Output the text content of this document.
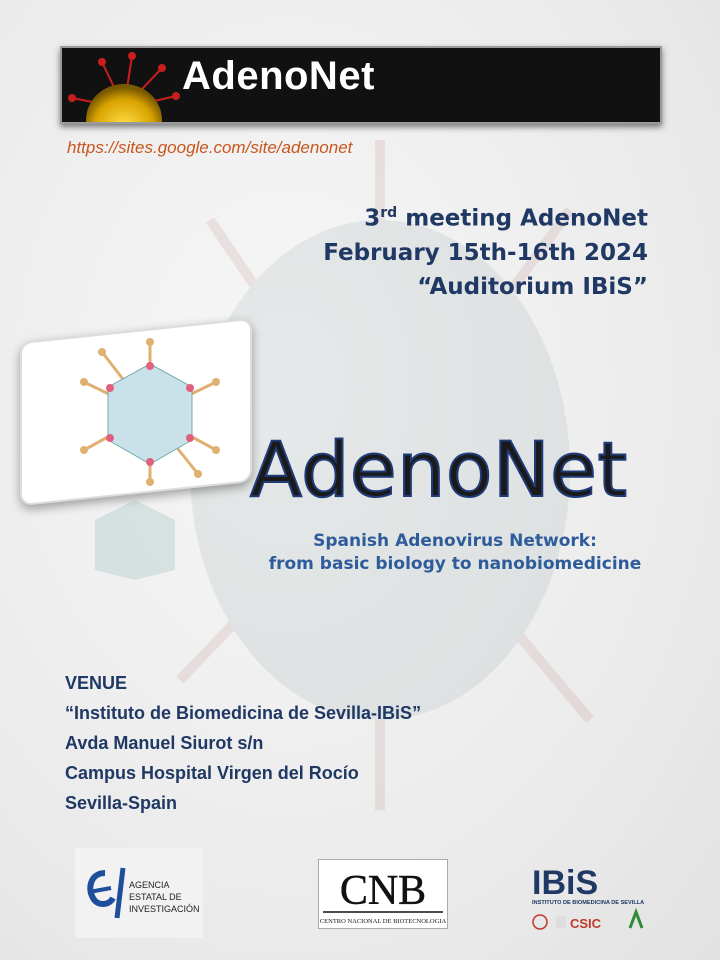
AdenoNet
https://sites.google.com/site/adenonet
3rd meeting AdenoNet
February 15th-16th 2024
“Auditorium IBiS”
AdenoNet
Spanish Adenovirus Network:
from basic biology to nanobiomedicine
VENUE
“Instituto de Biomedicina de Sevilla-IBiS”
Avda Manuel Siurot s/n
Campus Hospital Virgen del Rocío
Sevilla-Spain
AGENCIA
ESTATAL DE
INVESTIGACIÓN	CNB
CENTRO NACIONAL DE BIOTECNOLOGIA
IBiS
INSTITUTO DE BIOMEDICINA DE SEVILLA
CSIC
